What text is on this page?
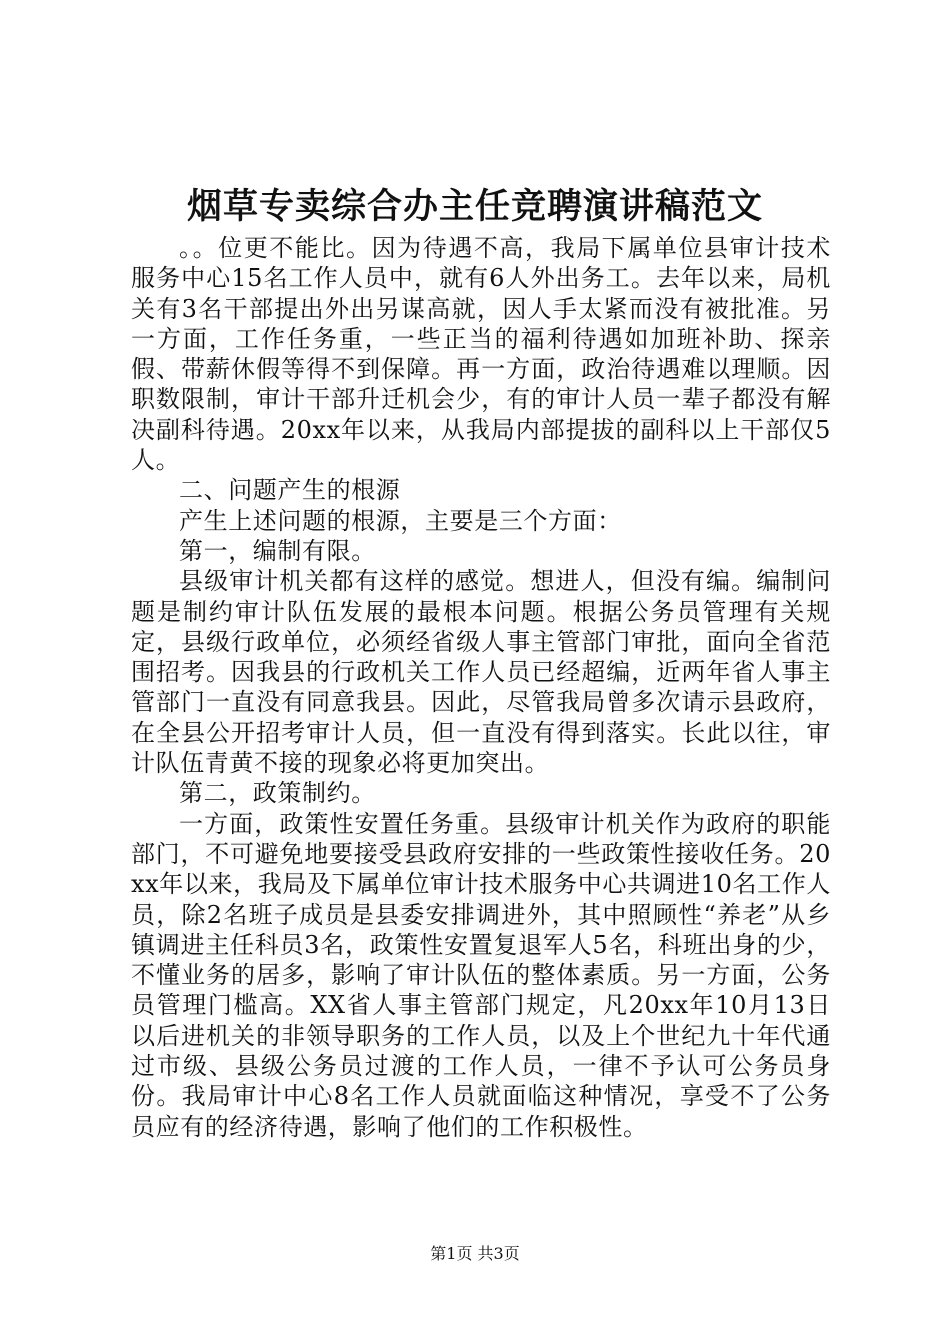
烟草专卖综合办主任竞聘演讲稿范文

。。位更不能比。因为待遇不高，我局下属单位县审计技术服务中心15名工作人员中，就有6人外出务工。去年以来，局机关有3名干部提出外出另谋高就，因人手太紧而没有被批准。另一方面，工作任务重，一些正当的福利待遇如加班补助、探亲假、带薪休假等得不到保障。再一方面，政治待遇难以理顺。因职数限制，审计干部升迁机会少，有的审计人员一辈子都没有解决副科待遇。20xx年以来，从我局内部提拔的副科以上干部仅5人。

二、问题产生的根源

产生上述问题的根源，主要是三个方面：

第一，编制有限。

县级审计机关都有这样的感觉。想进人，但没有编。编制问题是制约审计队伍发展的最根本问题。根据公务员管理有关规定，县级行政单位，必须经省级人事主管部门审批，面向全省范围招考。因我县的行政机关工作人员已经超编，近两年省人事主管部门一直没有同意我县。因此，尽管我局曾多次请示县政府，在全县公开招考审计人员，但一直没有得到落实。长此以往，审计队伍青黄不接的现象必将更加突出。

第二，政策制约。

一方面，政策性安置任务重。县级审计机关作为政府的职能部门，不可避免地要接受县政府安排的一些政策性接收任务。20xx年以来，我局及下属单位审计技术服务中心共调进10名工作人员，除2名班子成员是县委安排调进外，其中照顾性“养老”从乡镇调进主任科员3名，政策性安置复退军人5名，科班出身的少，不懂业务的居多，影响了审计队伍的整体素质。另一方面，公务员管理门槛高。XX省人事主管部门规定，凡20xx年10月13日以后进机关的非领导职务的工作人员，以及上个世纪九十年代通过市级、县级公务员过渡的工作人员，一律不予认可公务员身份。我局审计中心8名工作人员就面临这种情况，享受不了公务员应有的经济待遇，影响了他们的工作积极性。

第1页 共3页
